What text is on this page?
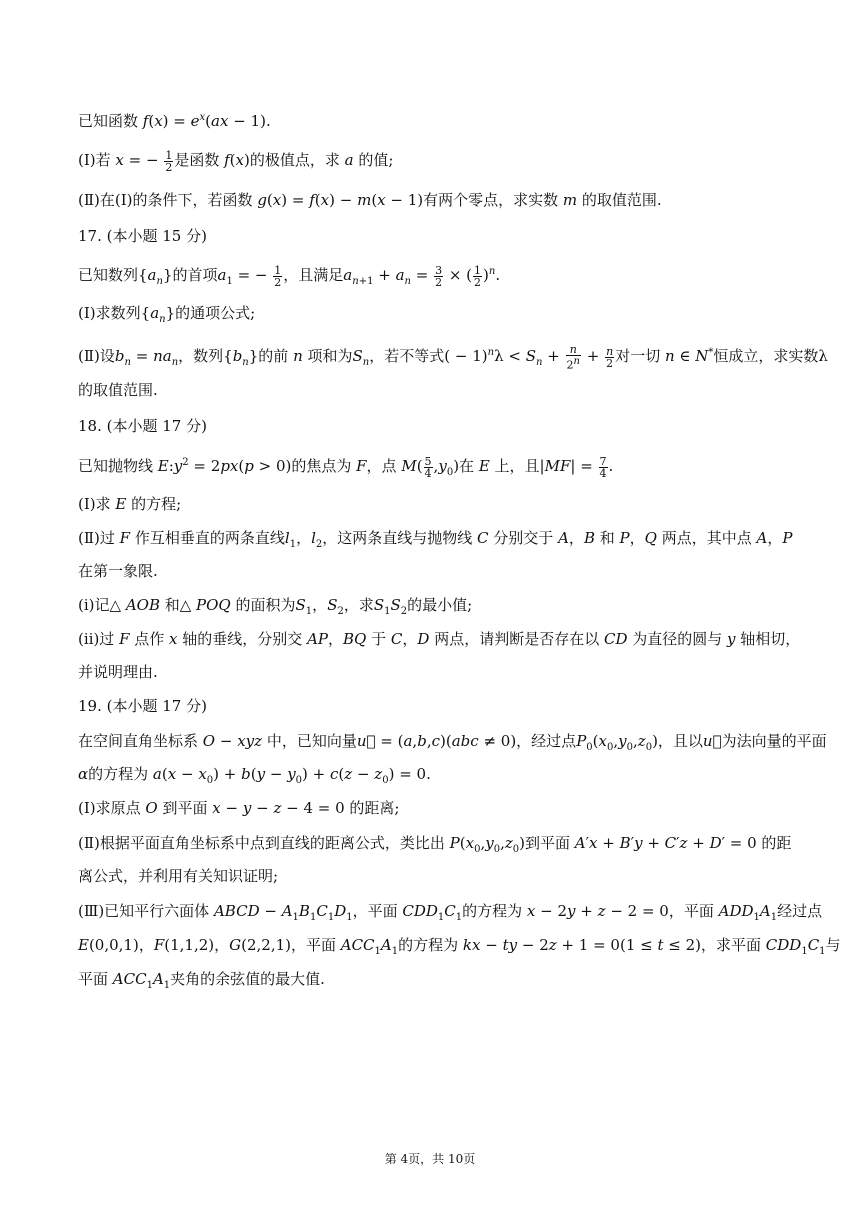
已知函数 $f(x) = e^x(ax - 1)$.
(Ⅰ)若 x = − $\frac{1}{2}$ 是函数 f(x)的极值点，求 a 的值;
(Ⅱ)在(Ⅰ)的条件下，若函数 g(x) = f(x) − m(x − 1)有两个零点，求实数 m 的取值范围.
17. (本小题 15 分)
已知数列$\{a_n\}$的首项$a_1$ = − $\frac{1}{2}$ ，且满足$a_{n+1} + a_n = \frac{3}{2}$ × ( $\frac{1}{2} )^n$.
(Ⅰ)求数列$\{a_n\}$的通项公式;
(Ⅱ)设$b_n = na_n$，数列$\{b_n\}$的前 n 项和为$S_n$，若不等式( − $1)^n\lambda < S_n + \frac{n}{2^n} + \frac{n}{2}$ 对一切 n ∈ N*恒成立，求实数λ
的取值范围.
18. (本小题 17 分)
已知抛物线 $E:y^2 = 2px(p > 0)$的焦点为 F，点 $M( \frac{5}{4} ,y_0)$在 E 上，且$|MF| = \frac{7}{4}$ .
(Ⅰ)求 E 的方程;
(Ⅱ)过 F 作互相垂直的两条直线$l_1$，$l_2$，这两条直线与抛物线 C 分别交于 A，B 和 P，Q 两点，其中点 A，P
在第一象限.
(ⅰ)记△ AOB 和△ POQ 的面积为$S_1$，$S_2$，求$S_1S_2$的最小值;
(ⅱ)过 F 点作 x 轴的垂线，分别交 AP，BQ 于 C，D 两点，请判断是否存在以 CD 为直径的圆与 y 轴相切，
并说明理由.
19. (本小题 17 分)
在空间直角坐标系 O − xyz 中，已知向量u⃗ = (a,b,c)(abc ≠ 0)，经过点$P_0(x_0,y_0,z_0)$，且以u⃗为法向量的平面
α的方程为 $a(x - x_0) + b(y - y_0) + c(z - z_0) = 0$.
(Ⅰ)求原点 O 到平面 x − y − z − 4 = 0 的距离;
(Ⅱ)根据平面直角坐标系中点到直线的距离公式，类比出 $P(x_0,y_0,z_0)$到平面 A′x + B′y + C′z + D′ = 0 的距
离公式，并利用有关知识证明;
(Ⅲ)已知平行六面体 ABCD − $A_1B_1C_1D_1$，平面 $CDD_1C_1$的方程为 x − 2y + z − 2 = 0，平面 $ADD_1A_1$经过点
E(0,0,1)，F(1,1,2)，G(2,2,1)，平面 $ACC_1A_1$的方程为 kx − ty − 2z + 1 = 0(1 ≤ t ≤ 2)，求平面 $CDD_1C_1$与
平面 $ACC_1A_1$夹角的余弦值的最大值.
第 4页，共 10页
